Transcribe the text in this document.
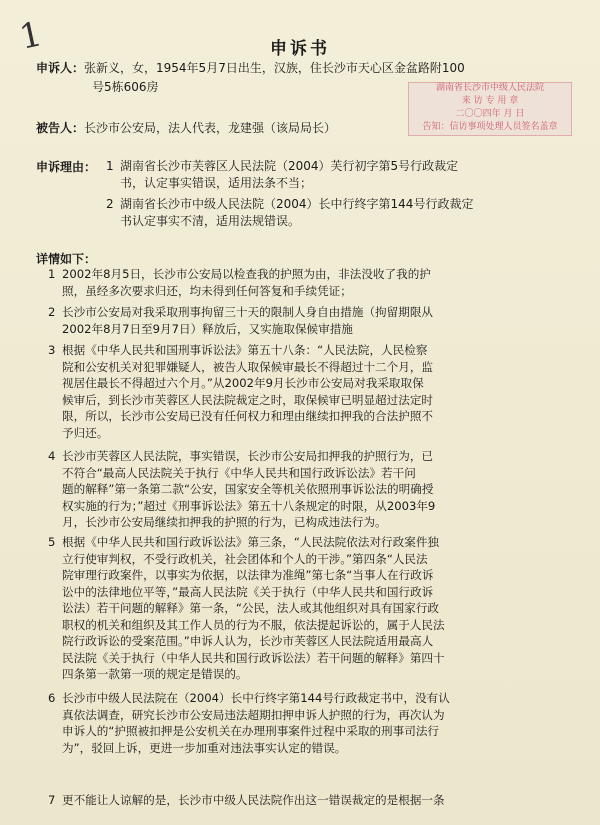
1	申诉书
申诉人：张新义，女，1954年5月7日出生，汉族，住长沙市天心区金盆路附100
号5栋606房	湖南省长沙市中级人民法院
来 访 专 用 章
二〇〇四年 月 日
告知：信访事项处理人员签名盖章
被告人：长沙市公安局，法人代表，龙建强（该局局长）
申诉理由： 1 湖南省长沙市芙蓉区人民法院（2004）芙行初字第5号行政裁定
书，认定事实错误，适用法条不当；
2 湖南省长沙市中级人民法院（2004）长中行终字第144号行政裁定
书认定事实不清，适用法规错误。
详情如下：
1 2002年8月5日，长沙市公安局以检查我的护照为由，非法没收了我的护
照，虽经多次要求归还，均未得到任何答复和手续凭证；
2 长沙市公安局对我采取刑事拘留三十天的限制人身自由措施（拘留期限从
2002年8月7日至9月7日）释放后，又实施取保候审措施
3 根据《中华人民共和国刑事诉讼法》第五十八条：“人民法院，人民检察
院和公安机关对犯罪嫌疑人，被告人取保候审最长不得超过十二个月，监
视居住最长不得超过六个月。”从2002年9月长沙市公安局对我采取取保
候审后，到长沙市芙蓉区人民法院裁定之时，取保候审已明显超过法定时
限，所以，长沙市公安局已没有任何权力和理由继续扣押我的合法护照不
予归还。
4 长沙市芙蓉区人民法院，事实错误，长沙市公安局扣押我的护照行为，已
不符合“最高人民法院关于执行《中华人民共和国行政诉讼法》若干问
题的解释”第一条第二款“公安，国家安全等机关依照刑事诉讼法的明确授
权实施的行为；”超过《刑事诉讼法》第五十八条规定的时限，从2003年9
月，长沙市公安局继续扣押我的护照的行为，已构成违法行为。
5 根据《中华人民共和国行政诉讼法》第三条，“人民法院依法对行政案件独
立行使审判权，不受行政机关，社会团体和个人的干涉。”第四条“人民法
院审理行政案件，以事实为依据，以法律为准绳”第七条“当事人在行政诉
讼中的法律地位平等，”最高人民法院《关于执行（中华人民共和国行政诉
讼法）若干问题的解释》第一条，“公民，法人或其他组织对具有国家行政
职权的机关和组织及其工作人员的行为不服，依法提起诉讼的，属于人民法
院行政诉讼的受案范围。”申诉人认为，长沙市芙蓉区人民法院适用最高人
民法院《关于执行（中华人民共和国行政诉讼法）若干问题的解释》第四十
四条第一款第一项的规定是错误的。
6 长沙市中级人民法院在（2004）长中行终字第144号行政裁定书中，没有认
真依法调查，研究长沙市公安局违法超期扣押申诉人护照的行为，再次认为
申诉人的“护照被扣押是公安机关在办理刑事案件过程中采取的刑事司法行
为”，驳回上诉，更进一步加重对违法事实认定的错误。
7 更不能让人谅解的是，长沙市中级人民法院作出这一错误裁定的是根据一条
